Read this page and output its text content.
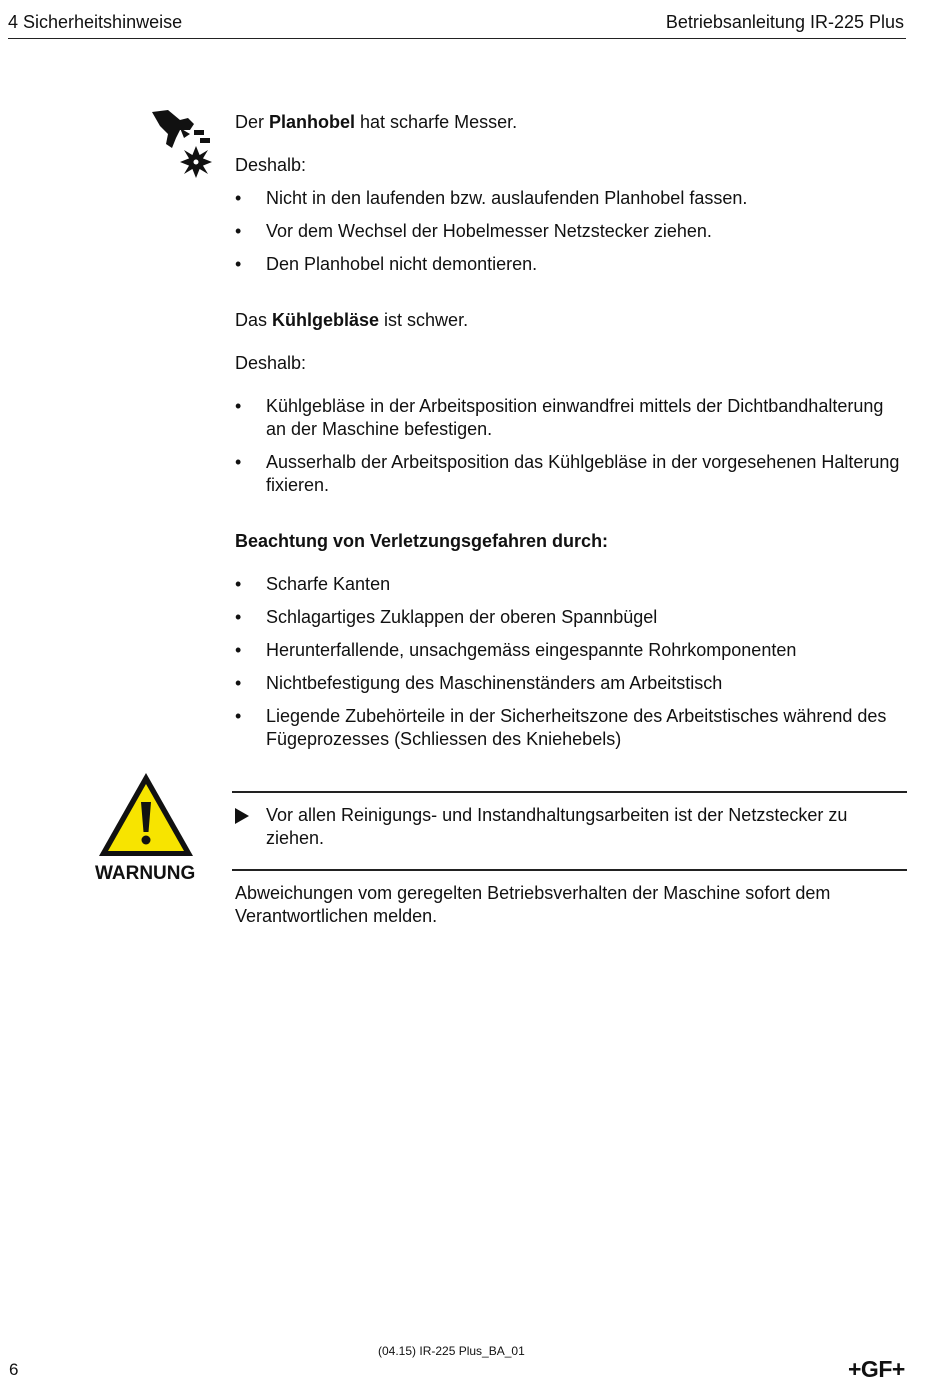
4 Sicherheitshinweise	Betriebsanleitung IR-225 Plus

Der Planhobel hat scharfe Messer.

Deshalb:

• Nicht in den laufenden bzw. auslaufenden Planhobel fassen.
• Vor dem Wechsel der Hobelmesser Netzstecker ziehen.
• Den Planhobel nicht demontieren.

Das Kühlgebläse ist schwer.

Deshalb:

• Kühlgebläse in der Arbeitsposition einwandfrei mittels der Dichtbandhalterung an der Maschine befestigen.
• Ausserhalb der Arbeitsposition das Kühlgebläse in der vorgesehenen Halterung fixieren.

Beachtung von Verletzungsgefahren durch:

• Scharfe Kanten
• Schlagartiges Zuklappen der oberen Spannbügel
• Herunterfallende, unsachgemäss eingespannte Rohrkomponenten
• Nichtbefestigung des Maschinenständers am Arbeitstisch
• Liegende Zubehörteile in der Sicherheitszone des Arbeitstisches während des Fügeprozesses (Schliessen des Kniehebels)
WARNUNG
Vor allen Reinigungs- und Instandhaltungsarbeiten ist der Netzstecker zu ziehen.
Abweichungen vom geregelten Betriebsverhalten der Maschine sofort dem Verantwortlichen melden.
(04.15) IR-225 Plus_BA_01
6	+GF+
